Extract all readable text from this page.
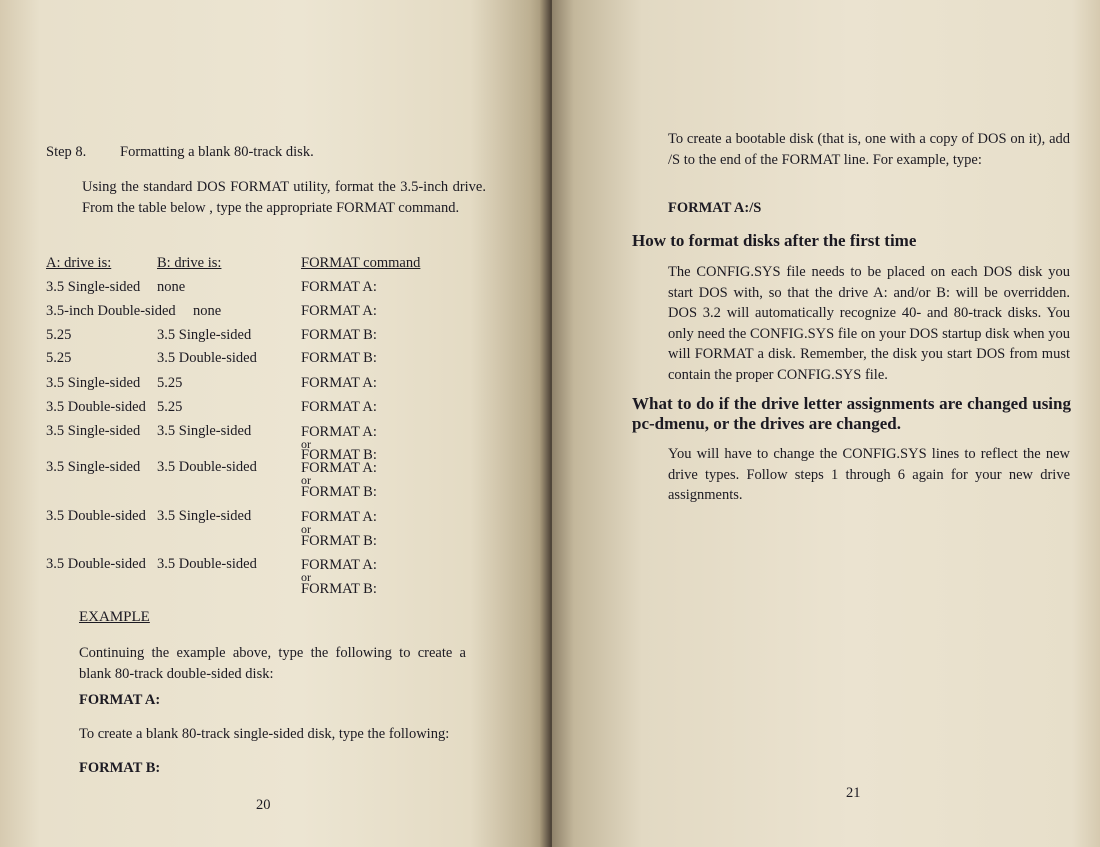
Step 8. Formatting a blank 80-track disk.
Using the standard DOS FORMAT utility, format the 3.5-inch drive. From the table below , type the appropriate FORMAT command.
A: drive is:	B: drive is:	FORMAT command
3.5 Single-sided none	FORMAT A:
3.5-inch Double-sided none	FORMAT A:
5.25	3.5 Single-sided	FORMAT B:
5.25	3.5 Double-sided	FORMAT B:
3.5 Single-sided 5.25	FORMAT A:
3.5 Double-sided 5.25	FORMAT A:
3.5 Single-sided 3.5 Single-sided	FORMAT A:
or
FORMAT B:
3.5 Single-sided 3.5 Double-sided	FORMAT A:
or
FORMAT B:
3.5 Double-sided 3.5 Single-sided	FORMAT A:
or
FORMAT B:
3.5 Double-sided 3.5 Double-sided	FORMAT A:
or
FORMAT B:
EXAMPLE
Continuing the example above, type the following to create a blank 80-track double-sided disk:
FORMAT A:
To create a blank 80-track single-sided disk, type the following:
FORMAT B:
20
To create a bootable disk (that is, one with a copy of DOS on it), add /S to the end of the FORMAT line. For example, type:
FORMAT A:/S
How to format disks after the first time
The CONFIG.SYS file needs to be placed on each DOS disk you start DOS with, so that the drive A: and/or B: will be overridden. DOS 3.2 will automatically recognize 40- and 80-track disks. You only need the CONFIG.SYS file on your DOS startup disk when you will FORMAT a disk. Remember, the disk you start DOS from must contain the proper CONFIG.SYS file.
What to do if the drive letter assignments are changed using pc-dmenu, or the drives are changed.
You will have to change the CONFIG.SYS lines to reflect the new drive types. Follow steps 1 through 6 again for your new drive assignments.
21
